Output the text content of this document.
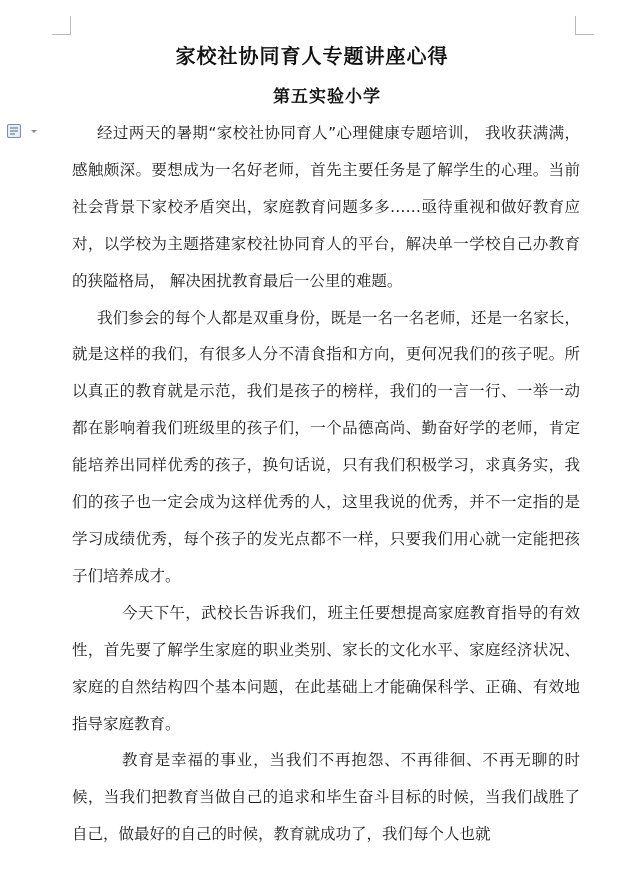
家校社协同育人专题讲座心得
第五实验小学

经过两天的暑期“家校社协同育人”心理健康专题培训， 我收获满满，感触颇深。要想成为一名好老师，首先主要任务是了解学生的心理。当前社会背景下家校矛盾突出，家庭教育问题多多……亟待重视和做好教育应对，以学校为主题搭建家校社协同育人的平台，解决单一学校自己办教育的狭隘格局， 解决困扰教育最后一公里的难题。

我们参会的每个人都是双重身份，既是一名一名老师，还是一名家长，就是这样的我们，有很多人分不清食指和方向，更何况我们的孩子呢。所以真正的教育就是示范，我们是孩子的榜样，我们的一言一行、一举一动都在影响着我们班级里的孩子们，一个品德高尚、勤奋好学的老师，肯定能培养出同样优秀的孩子，换句话说，只有我们积极学习，求真务实，我们的孩子也一定会成为这样优秀的人，这里我说的优秀，并不一定指的是学习成绩优秀，每个孩子的发光点都不一样，只要我们用心就一定能把孩子们培养成才。

今天下午，武校长告诉我们，班主任要想提高家庭教育指导的有效性，首先要了解学生家庭的职业类别、家长的文化水平、家庭经济状况、家庭的自然结构四个基本问题，在此基础上才能确保科学、正确、有效地指导家庭教育。

教育是幸福的事业，当我们不再抱怨、不再徘徊、不再无聊的时候，当我们把教育当做自己的追求和毕生奋斗目标的时候，当我们战胜了自己，做最好的自己的时候，教育就成功了，我们每个人也就
